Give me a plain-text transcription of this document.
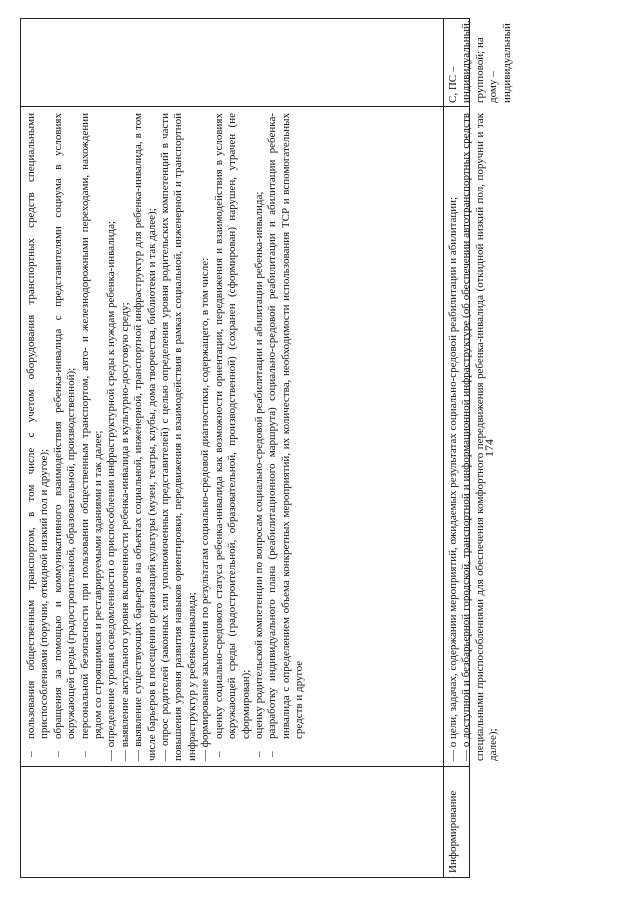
–
пользования общественным транспортом, в том числе с учетом оборудования транспортных средств специальными приспособлениями (поручни, откидной низкий пол и другое);

–
обращения за помощью и коммуникативного взаимодействия ребенка-инвалида с представителями социума в условиях окружающей среды (градостроительной, образовательной, производственной);

–
персональной безопасности при пользовании общественным транспортом, авто- и железнодорожными переходами, нахождении рядом со строящимися и реставрируемыми зданиями и так далее; — определение уровня осведомленности о приспособлении инфраструктурной среды к нуждам ребенка-инвалида; — выявление актуального уровня включенности ребенка-инвалида в культурно-досуговую среду; — выявление существующих барьеров на объектах социальной, инженерной, транспортной инфраструктур для ребенка-инвалида, в том числе барьеров в посещении организаций культуры (музеи, театры, клубы, дома творчества, библиотеки и так далее); — опрос родителей (законных или уполномоченных представителей) с целью определения уровня родительских компетенций в части повышения уровня развития навыков ориентировки, передвижения и взаимодействия в рамках социальной, инженерной и транспортной инфраструктур у ребенка-инвалида; — формирование заключения по результатам социально-средовой диагностики, содержащего, в том числе: –
оценку социально-средового статуса ребенка-инвалида как возможности ориентации, передвижения и взаимодействия в условиях окружающей среды (градостроительной, образовательной, производственной) (сохранен (сформирован) нарушен, утрачен (не сформирован);

–
оценку родительской компетенции по вопросам социально-средовой реабилитации и абилитации ребенка-инвалида;

–
разработку индивидуального плана (реабилитационного маршрута) социально-средовой реабилитации и абилитации ребенка-инвалида с определением объема конкретных мероприятий, их количества, необходимости использования ТСР и вспомогательных средств и другое

Информирование

— о цели, задачах, содержании мероприятий, ожидаемых результатах социально-средовой реабилитации и абилитации; — о доступной и безбарьерной городской, транспортной и информационной инфраструктуре (об обеспечении автотранспортных средств специальными приспособлениями для обеспечения комфортного передвижения ребенка-инвалида (откидной низкий пол, поручни и так далее);

С, ПС – индивидуальный, групповой; на дому – индивидуальный

174
